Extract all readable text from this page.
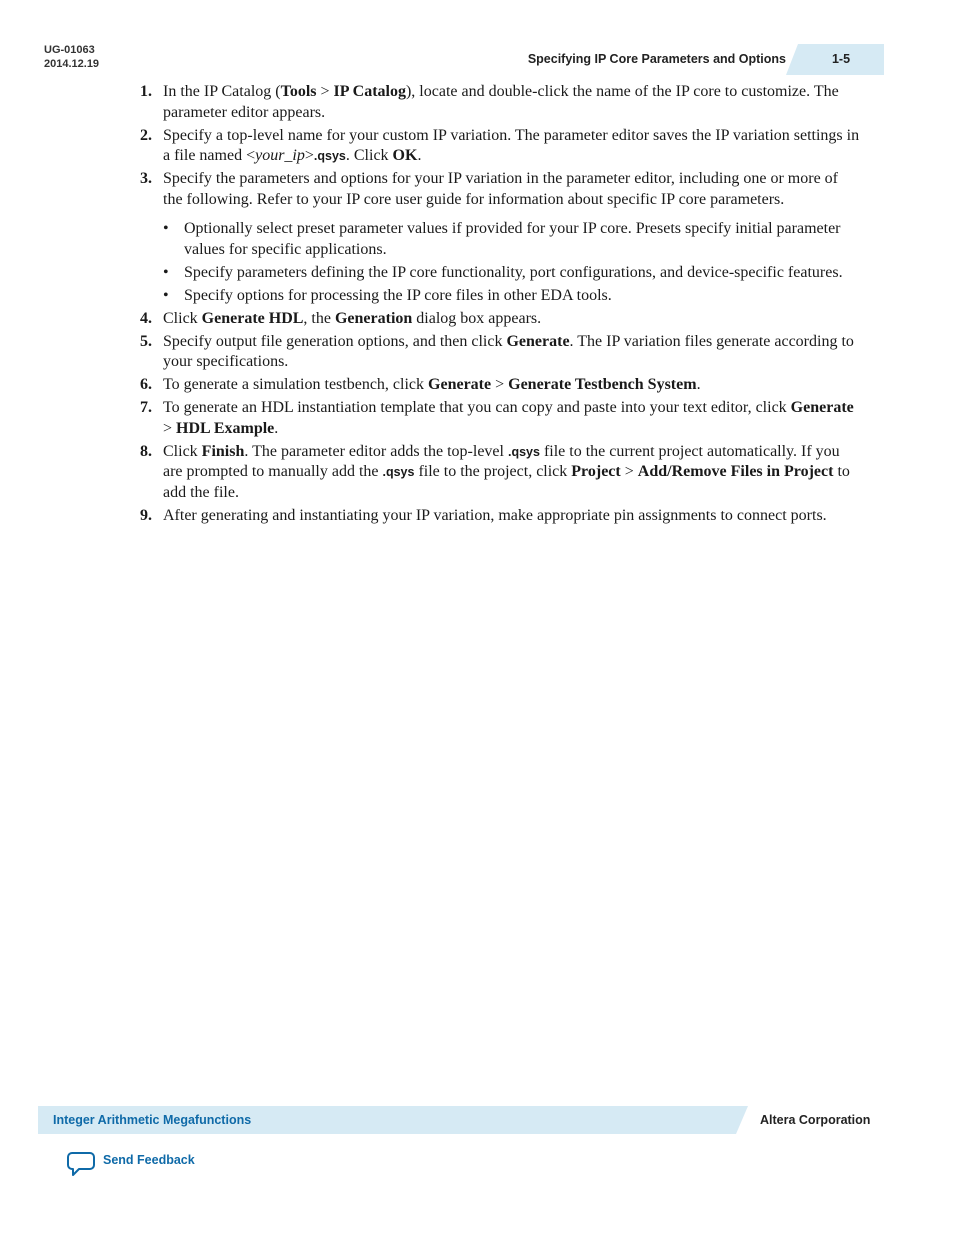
UG-01063
2014.12.19	Specifying IP Core Parameters and Options	1-5
1. In the IP Catalog (Tools > IP Catalog), locate and double-click the name of the IP core to customize. The parameter editor appears.
2. Specify a top-level name for your custom IP variation. The parameter editor saves the IP variation settings in a file named <your_ip>.qsys. Click OK.
3. Specify the parameters and options for your IP variation in the parameter editor, including one or more of the following. Refer to your IP core user guide for information about specific IP core parameters.
• Optionally select preset parameter values if provided for your IP core. Presets specify initial parameter values for specific applications.
• Specify parameters defining the IP core functionality, port configurations, and device-specific features.
• Specify options for processing the IP core files in other EDA tools.
4. Click Generate HDL, the Generation dialog box appears.
5. Specify output file generation options, and then click Generate. The IP variation files generate according to your specifications.
6. To generate a simulation testbench, click Generate > Generate Testbench System.
7. To generate an HDL instantiation template that you can copy and paste into your text editor, click Generate > HDL Example.
8. Click Finish. The parameter editor adds the top-level .qsys file to the current project automatically. If you are prompted to manually add the .qsys file to the project, click Project > Add/Remove Files in Project to add the file.
9. After generating and instantiating your IP variation, make appropriate pin assignments to connect ports.
Integer Arithmetic Megafunctions	Altera Corporation
Send Feedback
